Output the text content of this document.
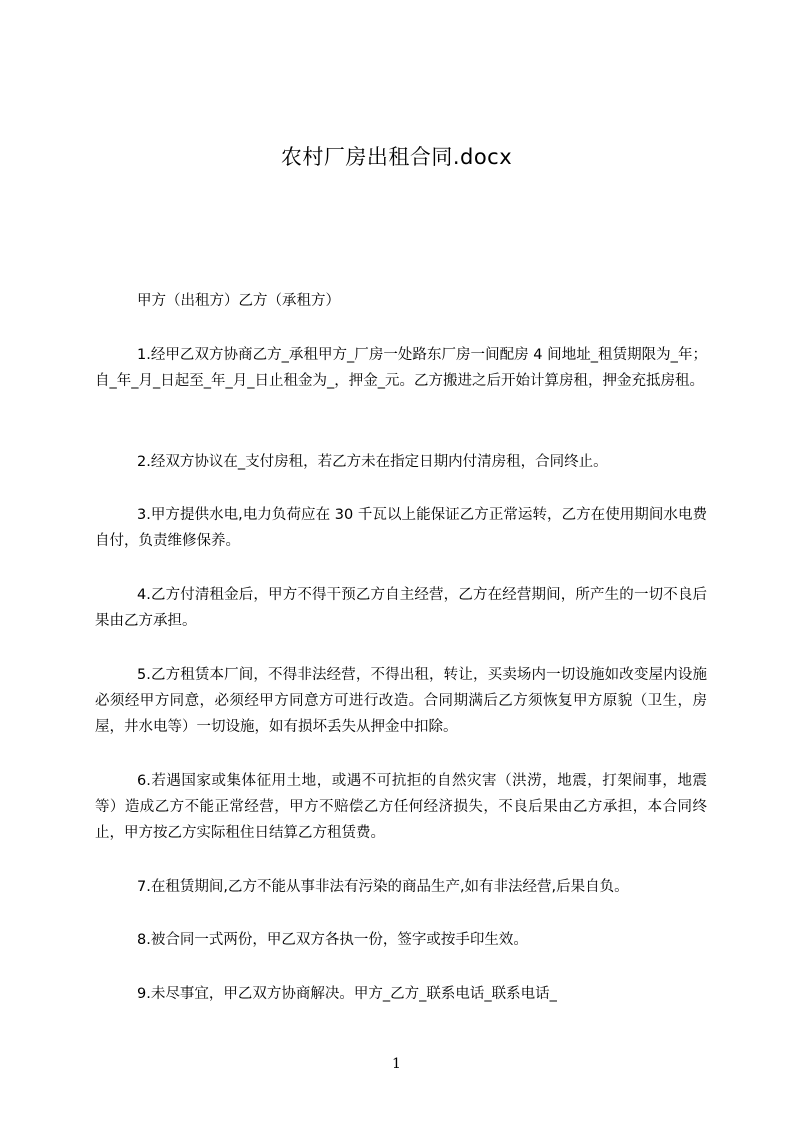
农村厂房出租合同.docx

甲方（出租方）乙方（承租方）

1.经甲乙双方协商乙方_承租甲方_厂房一处路东厂房一间配房 4 间地址_租赁期限为_年；自_年_月_日起至_年_月_日止租金为_，押金_元。乙方搬进之后开始计算房租，押金充抵房租。

2.经双方协议在_支付房租，若乙方未在指定日期内付清房租，合同终止。

3.甲方提供水电,电力负荷应在 30 千瓦以上能保证乙方正常运转，乙方在使用期间水电费自付，负责维修保养。

4.乙方付清租金后，甲方不得干预乙方自主经营，乙方在经营期间，所产生的一切不良后果由乙方承担。

5.乙方租赁本厂间，不得非法经营，不得出租，转让，买卖场内一切设施如改变屋内设施必须经甲方同意，必须经甲方同意方可进行改造。合同期满后乙方须恢复甲方原貌（卫生，房屋，井水电等）一切设施，如有损坏丢失从押金中扣除。

6.若遇国家或集体征用土地，或遇不可抗拒的自然灾害（洪涝，地震，打架闹事，地震等）造成乙方不能正常经营，甲方不赔偿乙方任何经济损失，不良后果由乙方承担，本合同终止，甲方按乙方实际租住日结算乙方租赁费。

7.在租赁期间,乙方不能从事非法有污染的商品生产,如有非法经营,后果自负。

8.被合同一式两份，甲乙双方各执一份，签字或按手印生效。

9.未尽事宜，甲乙双方协商解决。甲方_乙方_联系电话_联系电话_

1
